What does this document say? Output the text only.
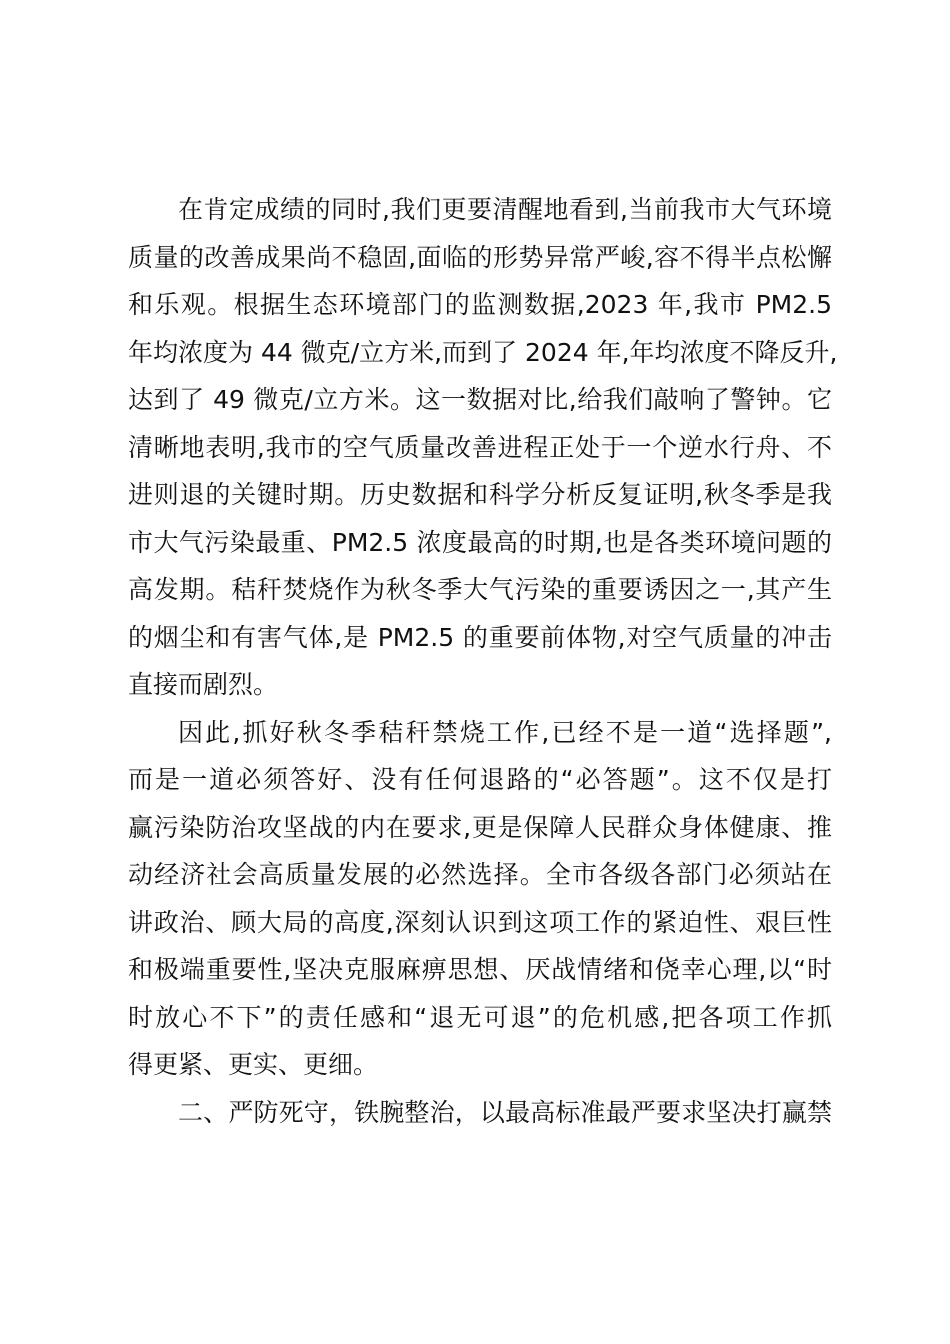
在肯定成绩的同时,我们更要清醒地看到,当前我市大气环境
质量的改善成果尚不稳固,面临的形势异常严峻,容不得半点松懈
和乐观。根据生态环境部门的监测数据,2023 年,我市 PM2.5
年均浓度为 44 微克/立方米,而到了 2024 年,年均浓度不降反升,
达到了 49 微克/立方米。这一数据对比,给我们敲响了警钟。它
清晰地表明,我市的空气质量改善进程正处于一个逆水行舟、不
进则退的关键时期。历史数据和科学分析反复证明,秋冬季是我
市大气污染最重、PM2.5 浓度最高的时期,也是各类环境问题的
高发期。秸秆焚烧作为秋冬季大气污染的重要诱因之一,其产生
的烟尘和有害气体,是 PM2.5 的重要前体物,对空气质量的冲击
直接而剧烈。
因此,抓好秋冬季秸秆禁烧工作,已经不是一道“选择题”,
而是一道必须答好、没有任何退路的“必答题”。这不仅是打
赢污染防治攻坚战的内在要求,更是保障人民群众身体健康、推
动经济社会高质量发展的必然选择。全市各级各部门必须站在
讲政治、顾大局的高度,深刻认识到这项工作的紧迫性、艰巨性
和极端重要性,坚决克服麻痹思想、厌战情绪和侥幸心理,以“时
时放心不下”的责任感和“退无可退”的危机感,把各项工作抓
得更紧、更实、更细。
二、严防死守，铁腕整治，以最高标准最严要求坚决打赢禁
